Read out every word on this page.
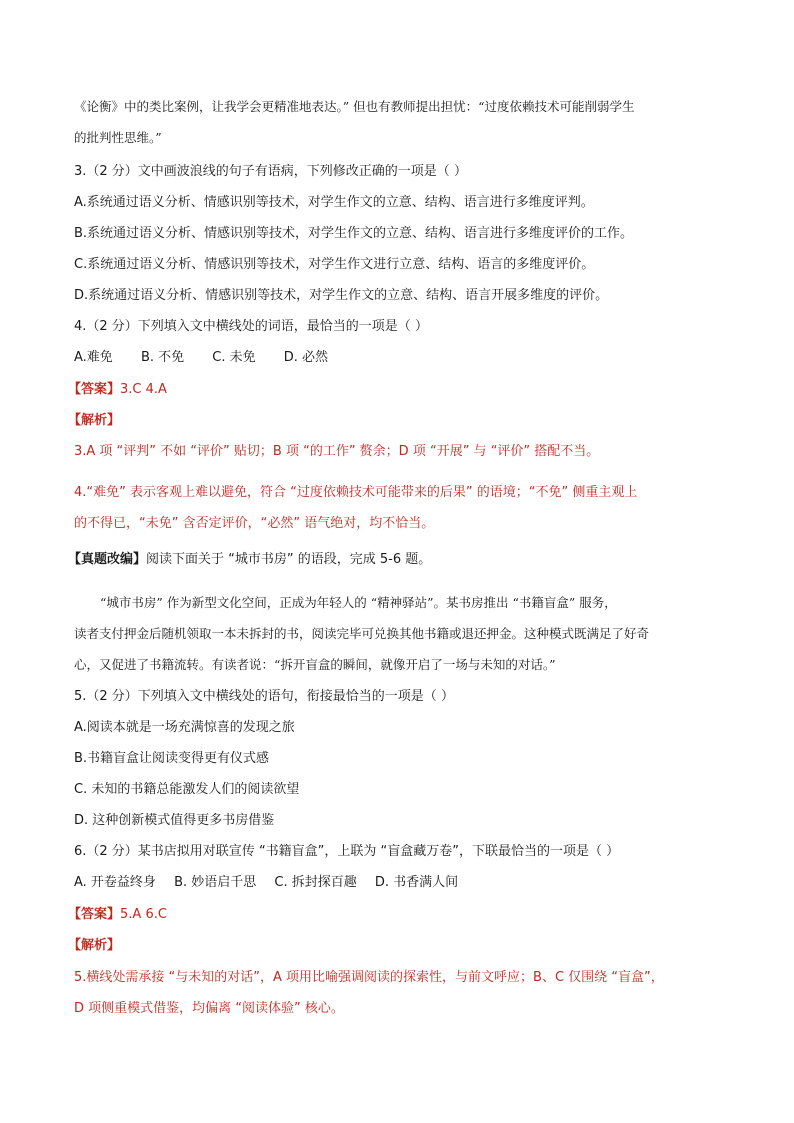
《论衡》中的类比案例，让我学会更精准地表达。” 但也有教师提出担忧：“过度依赖技术可能削弱学生
的批判性思维。”
3.（2 分）文中画波浪线的句子有语病，下列修改正确的一项是（ ）
A.系统通过语义分析、情感识别等技术，对学生作文的立意、结构、语言进行多维度评判。
B.系统通过语义分析、情感识别等技术，对学生作文的立意、结构、语言进行多维度评价的工作。
C.系统通过语义分析、情感识别等技术，对学生作文进行立意、结构、语言的多维度评价。
D.系统通过语义分析、情感识别等技术，对学生作文的立意、结构、语言开展多维度的评价。
4.（2 分）下列填入文中横线处的词语，最恰当的一项是（ ）
A.难免 B. 不免 C. 未免 D. 必然
【答案】3.C 4.A
【解析】
3.A 项 “评判” 不如 “评价” 贴切；B 项 “的工作” 赘余；D 项 “开展” 与 “评价” 搭配不当。
4.“难免” 表示客观上难以避免，符合 “过度依赖技术可能带来的后果” 的语境；“不免” 侧重主观上
的不得已，“未免” 含否定评价，“必然” 语气绝对，均不恰当。
【真题改编】阅读下面关于 “城市书房” 的语段，完成 5-6 题。
“城市书房” 作为新型文化空间，正成为年轻人的 “精神驿站”。某书房推出 “书籍盲盒” 服务，
读者支付押金后随机领取一本未拆封的书，阅读完毕可兑换其他书籍或退还押金。这种模式既满足了好奇
心，又促进了书籍流转。有读者说：“拆开盲盒的瞬间，就像开启了一场与未知的对话。”
5.（2 分）下列填入文中横线处的语句，衔接最恰当的一项是（ ）
A.阅读本就是一场充满惊喜的发现之旅
B.书籍盲盒让阅读变得更有仪式感
C. 未知的书籍总能激发人们的阅读欲望
D. 这种创新模式值得更多书房借鉴
6.（2 分）某书店拟用对联宣传 “书籍盲盒”，上联为 “盲盒藏万卷”，下联最恰当的一项是（ ）
A. 开卷益终身 B. 妙语启千思 C. 拆封探百趣 D. 书香满人间
【答案】5.A 6.C
【解析】
5.横线处需承接 “与未知的对话”，A 项用比喻强调阅读的探索性，与前文呼应；B、C 仅围绕 “盲盒”，
D 项侧重模式借鉴，均偏离 “阅读体验” 核心。
